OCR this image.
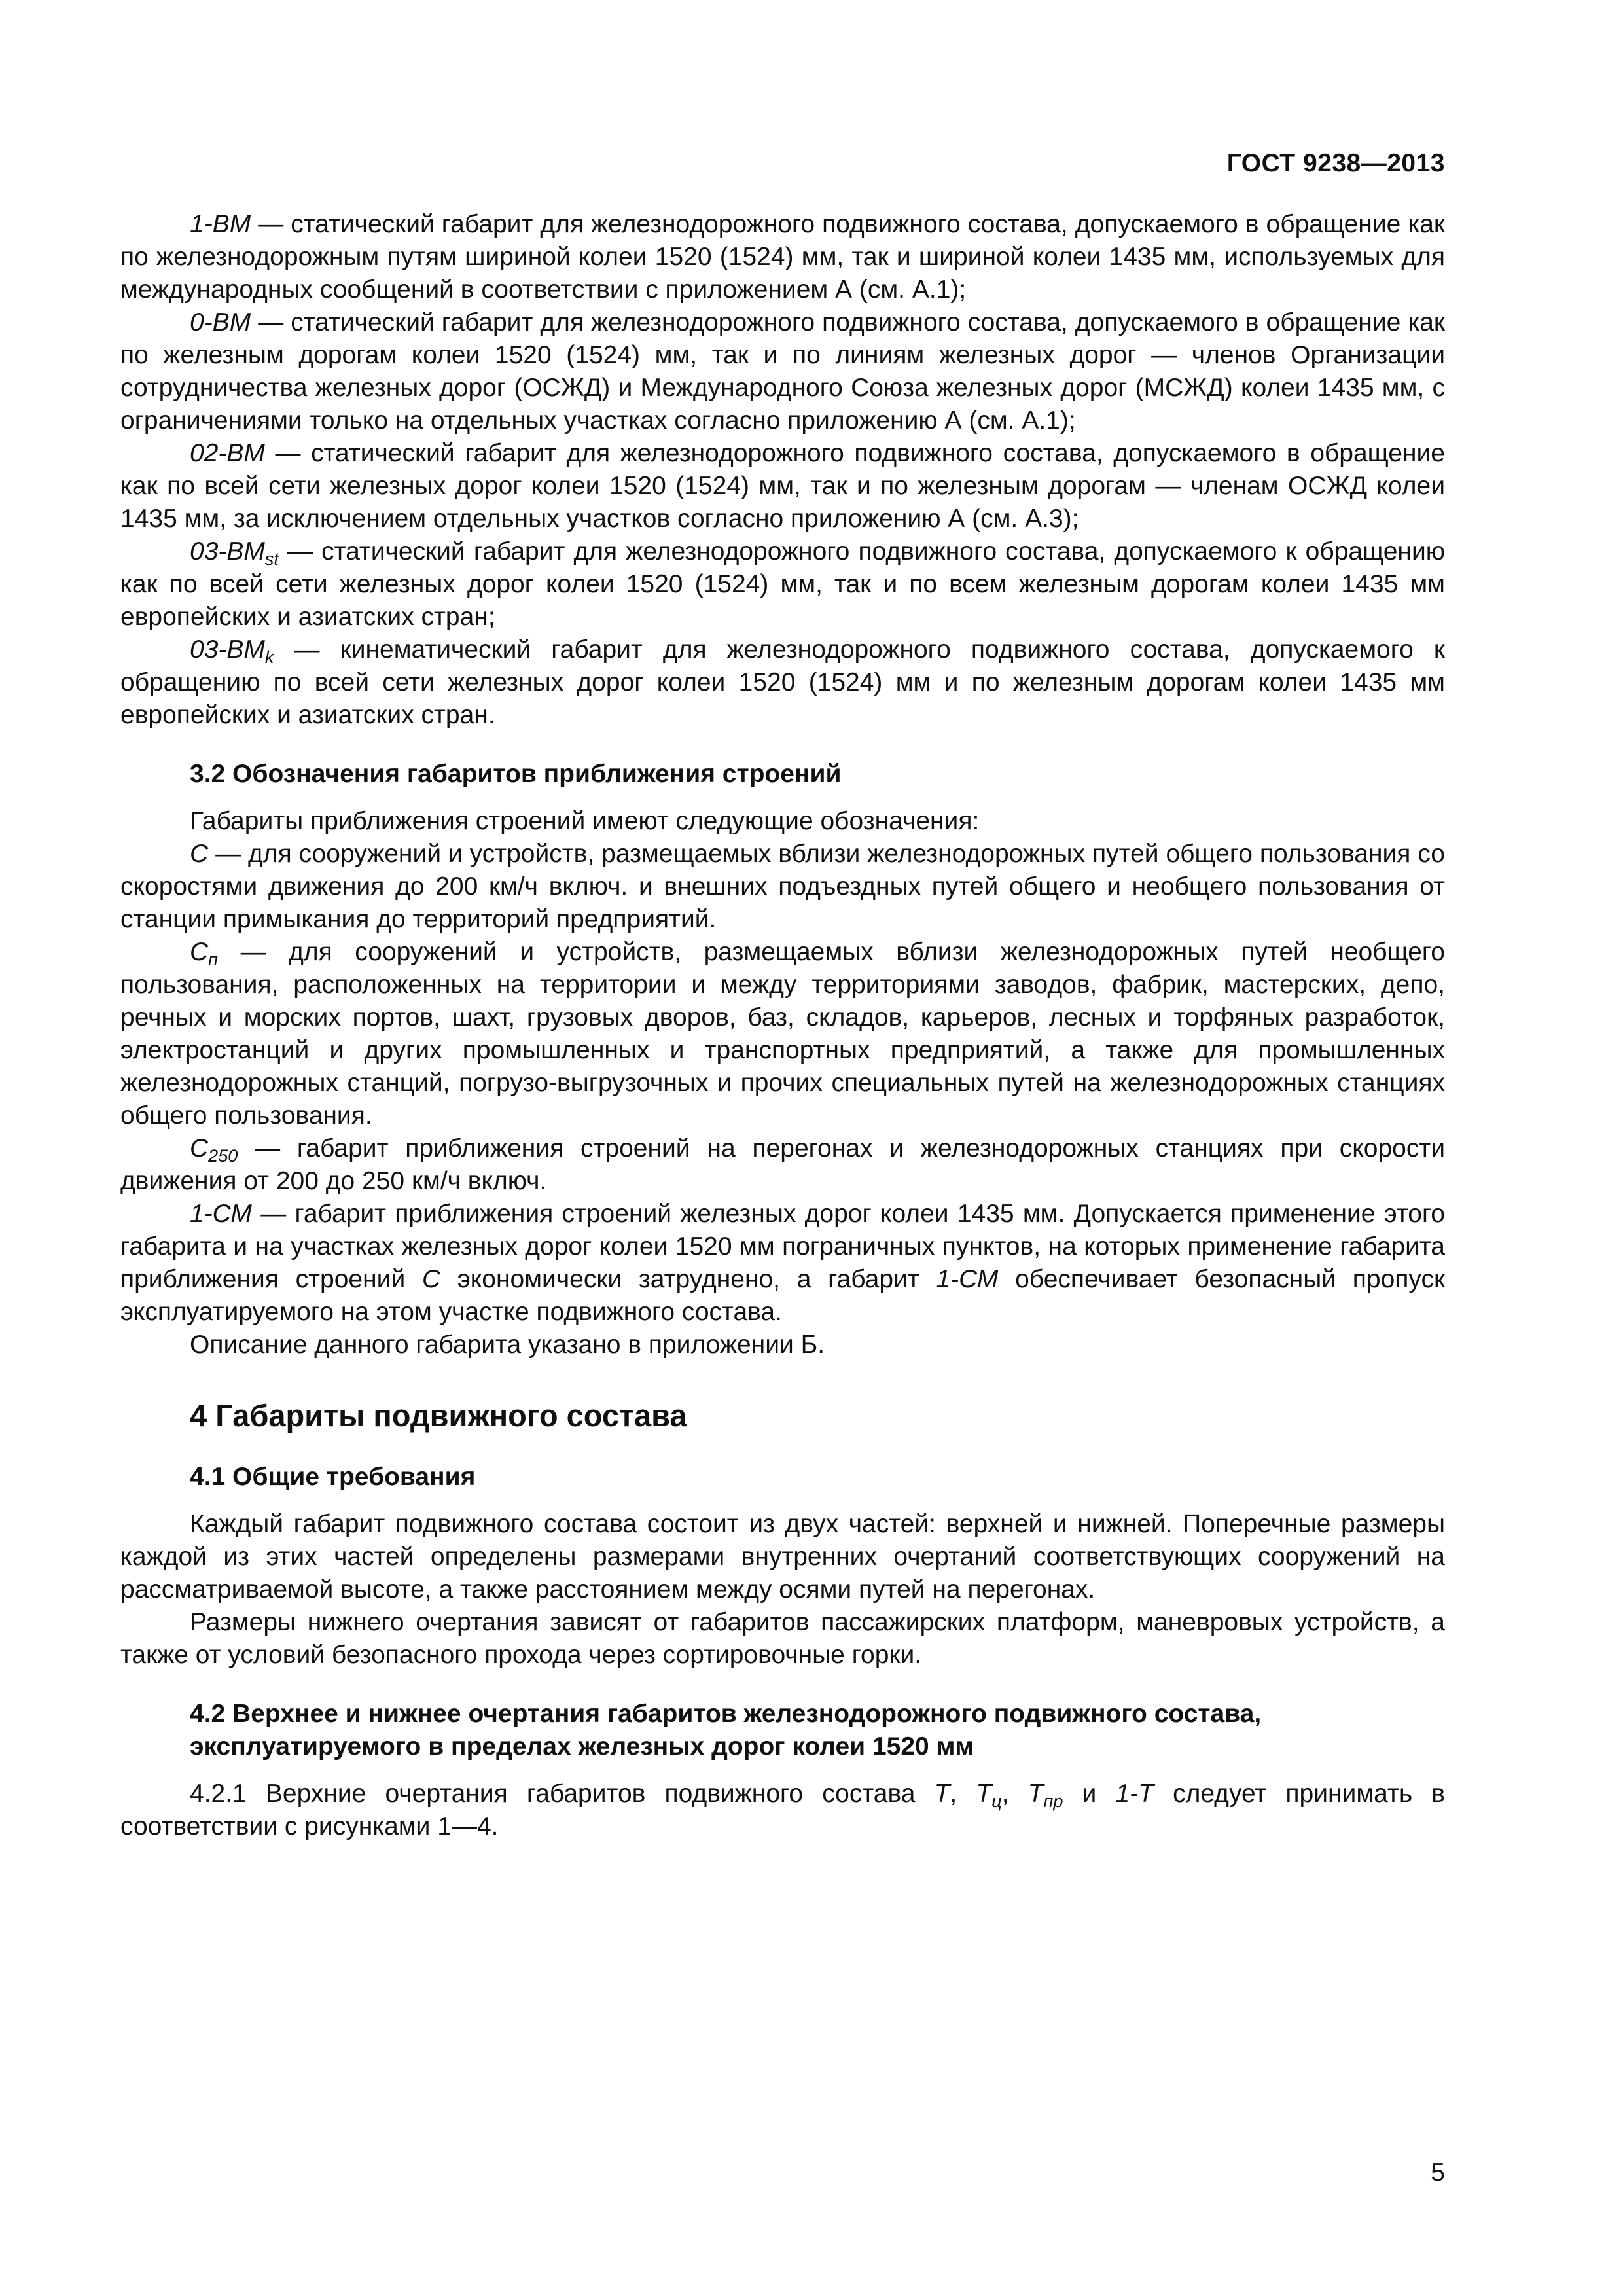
ГОСТ 9238—2013

1-ВМ — статический габарит для железнодорожного подвижного состава, допускаемого в обращение как по железнодорожным путям шириной колеи 1520 (1524) мм, так и шириной колеи 1435 мм, используемых для международных сообщений в соответствии с приложением А (см. А.1);

0-ВМ — статический габарит для железнодорожного подвижного состава, допускаемого в обращение как по железным дорогам колеи 1520 (1524) мм, так и по линиям железных дорог — членов Организации сотрудничества железных дорог (ОСЖД) и Международного Союза железных дорог (МСЖД) колеи 1435 мм, с ограничениями только на отдельных участках согласно приложению А (см. А.1);

02-ВМ — статический габарит для железнодорожного подвижного состава, допускаемого в обращение как по всей сети железных дорог колеи 1520 (1524) мм, так и по железным дорогам — членам ОСЖД колеи 1435 мм, за исключением отдельных участков согласно приложению А (см. А.3);

$03-ВМ_{st}$ — статический габарит для железнодорожного подвижного состава, допускаемого к обращению как по всей сети железных дорог колеи 1520 (1524) мм, так и по всем железным дорогам колеи 1435 мм европейских и азиатских стран;

$03-ВМ_k$ — кинематический габарит для железнодорожного подвижного состава, допускаемого к обращению по всей сети железных дорог колеи 1520 (1524) мм и по железным дорогам колеи 1435 мм европейских и азиатских стран.

3.2 Обозначения габаритов приближения строений

Габариты приближения строений имеют следующие обозначения:

С — для сооружений и устройств, размещаемых вблизи железнодорожных путей общего пользования со скоростями движения до 200 км/ч включ. и внешних подъездных путей общего и необщего пользования от станции примыкания до территорий предприятий.

$С_п$ — для сооружений и устройств, размещаемых вблизи железнодорожных путей необщего пользования, расположенных на территории и между территориями заводов, фабрик, мастерских, депо, речных и морских портов, шахт, грузовых дворов, баз, складов, карьеров, лесных и торфяных разработок, электростанций и других промышленных и транспортных предприятий, а также для промышленных железнодорожных станций, погрузо-выгрузочных и прочих специальных путей на железнодорожных станциях общего пользования.

$С_{250}$ — габарит приближения строений на перегонах и железнодорожных станциях при скорости движения от 200 до 250 км/ч включ.

1-СМ — габарит приближения строений железных дорог колеи 1435 мм. Допускается применение этого габарита и на участках железных дорог колеи 1520 мм пограничных пунктов, на которых применение габарита приближения строений С экономически затруднено, а габарит 1-СМ обеспечивает безопасный пропуск эксплуатируемого на этом участке подвижного состава.

Описание данного габарита указано в приложении Б.

4 Габариты подвижного состава
4.1 Общие требования

Каждый габарит подвижного состава состоит из двух частей: верхней и нижней. Поперечные размеры каждой из этих частей определены размерами внутренних очертаний соответствующих сооружений на рассматриваемой высоте, а также расстоянием между осями путей на перегонах.

Размеры нижнего очертания зависят от габаритов пассажирских платформ, маневровых устройств, а также от условий безопасного прохода через сортировочные горки.

4.2 Верхнее и нижнее очертания габаритов железнодорожного подвижного состава, эксплуатируемого в пределах железных дорог колеи 1520 мм

4.2.1 Верхние очертания габаритов подвижного состава Т, $Т_ц$, $Т_{пр}$ и 1-Т следует принимать в соответствии с рисунками 1—4.

5
